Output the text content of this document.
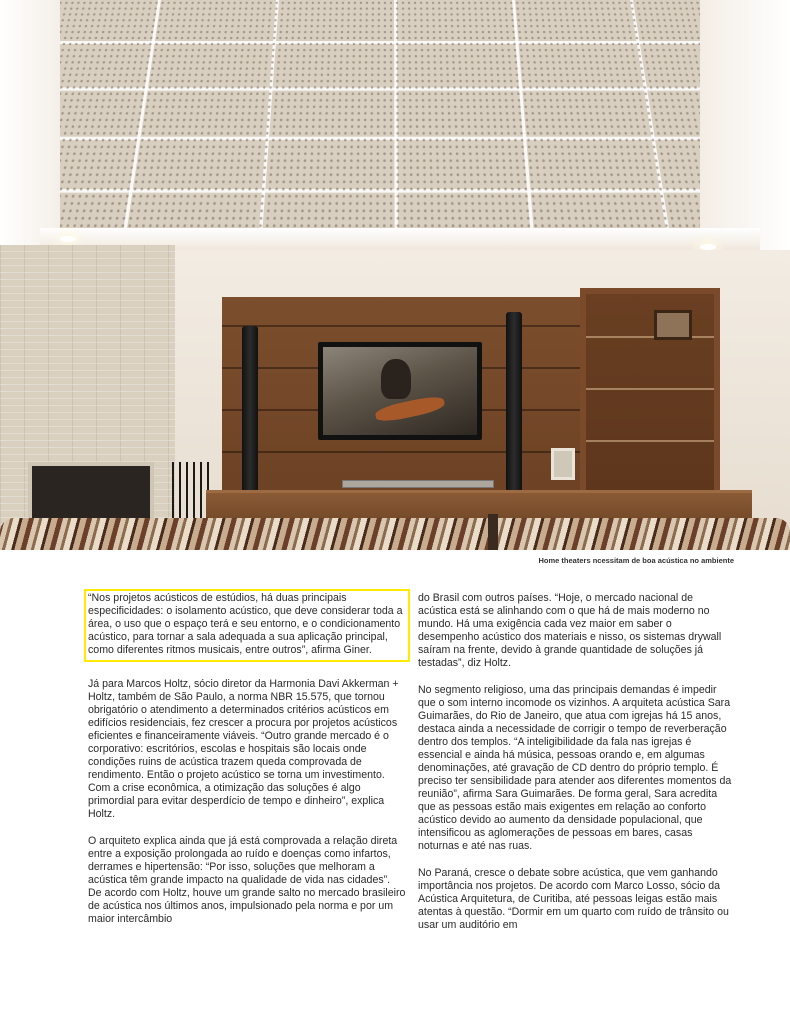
Home theaters ncessitam de boa acústica no ambiente

“Nos projetos acústicos de estúdios, há duas principais especificidades: o isolamento acústico, que deve considerar toda a área, o uso que o espaço terá e seu entorno, e o condicionamento acústico, para tornar a sala adequada a sua aplicação principal, como diferentes ritmos musicais, entre outros”, afirma Giner.

Já para Marcos Holtz, sócio diretor da Harmonia Davi Akkerman + Holtz, também de São Paulo, a norma NBR 15.575, que tornou obrigatório o atendimento a determinados critérios acústicos em edifícios residenciais, fez crescer a procura por projetos acústicos eficientes e financeiramente viáveis. “Outro grande mercado é o corporativo: escritórios, escolas e hospitais são locais onde condições ruins de acústica trazem queda comprovada de rendimento. Então o projeto acústico se torna um investimento. Com a crise econômica, a otimização das soluções é algo primordial para evitar desperdício de tempo e dinheiro”, explica Holtz.

O arquiteto explica ainda que já está comprovada a relação direta entre a exposição prolongada ao ruído e doenças como infartos, derrames e hipertensão: “Por isso, soluções que melhoram a acústica têm grande impacto na qualidade de vida nas cidades”. De acordo com Holtz, houve um grande salto no mercado brasileiro de acústica nos últimos anos, impulsionado pela norma e por um maior intercâmbio

do Brasil com outros países. “Hoje, o mercado nacional de acústica está se alinhando com o que há de mais moderno no mundo. Há uma exigência cada vez maior em saber o desempenho acústico dos materiais e nisso, os sistemas drywall saíram na frente, devido à grande quantidade de soluções já testadas”, diz Holtz.

No segmento religioso, uma das principais demandas é impedir que o som interno incomode os vizinhos. A arquiteta acústica Sara Guimarães, do Rio de Janeiro, que atua com igrejas há 15 anos, destaca ainda a necessidade de corrigir o tempo de reverberação dentro dos templos. “A inteligibilidade da fala nas igrejas é essencial e ainda há música, pessoas orando e, em algumas denominações, até gravação de CD dentro do próprio templo. É preciso ter sensibilidade para atender aos diferentes momentos da reunião”, afirma Sara Guimarães. De forma geral, Sara acredita que as pessoas estão mais exigentes em relação ao conforto acústico devido ao aumento da densidade populacional, que intensificou as aglomerações de pessoas em bares, casas noturnas e até nas ruas.

No Paraná, cresce o debate sobre acústica, que vem ganhando importância nos projetos. De acordo com Marco Losso, sócio da Acústica Arquitetura, de Curitiba, até pessoas leigas estão mais atentas à questão. “Dormir em um quarto com ruído de trânsito ou usar um auditório em
